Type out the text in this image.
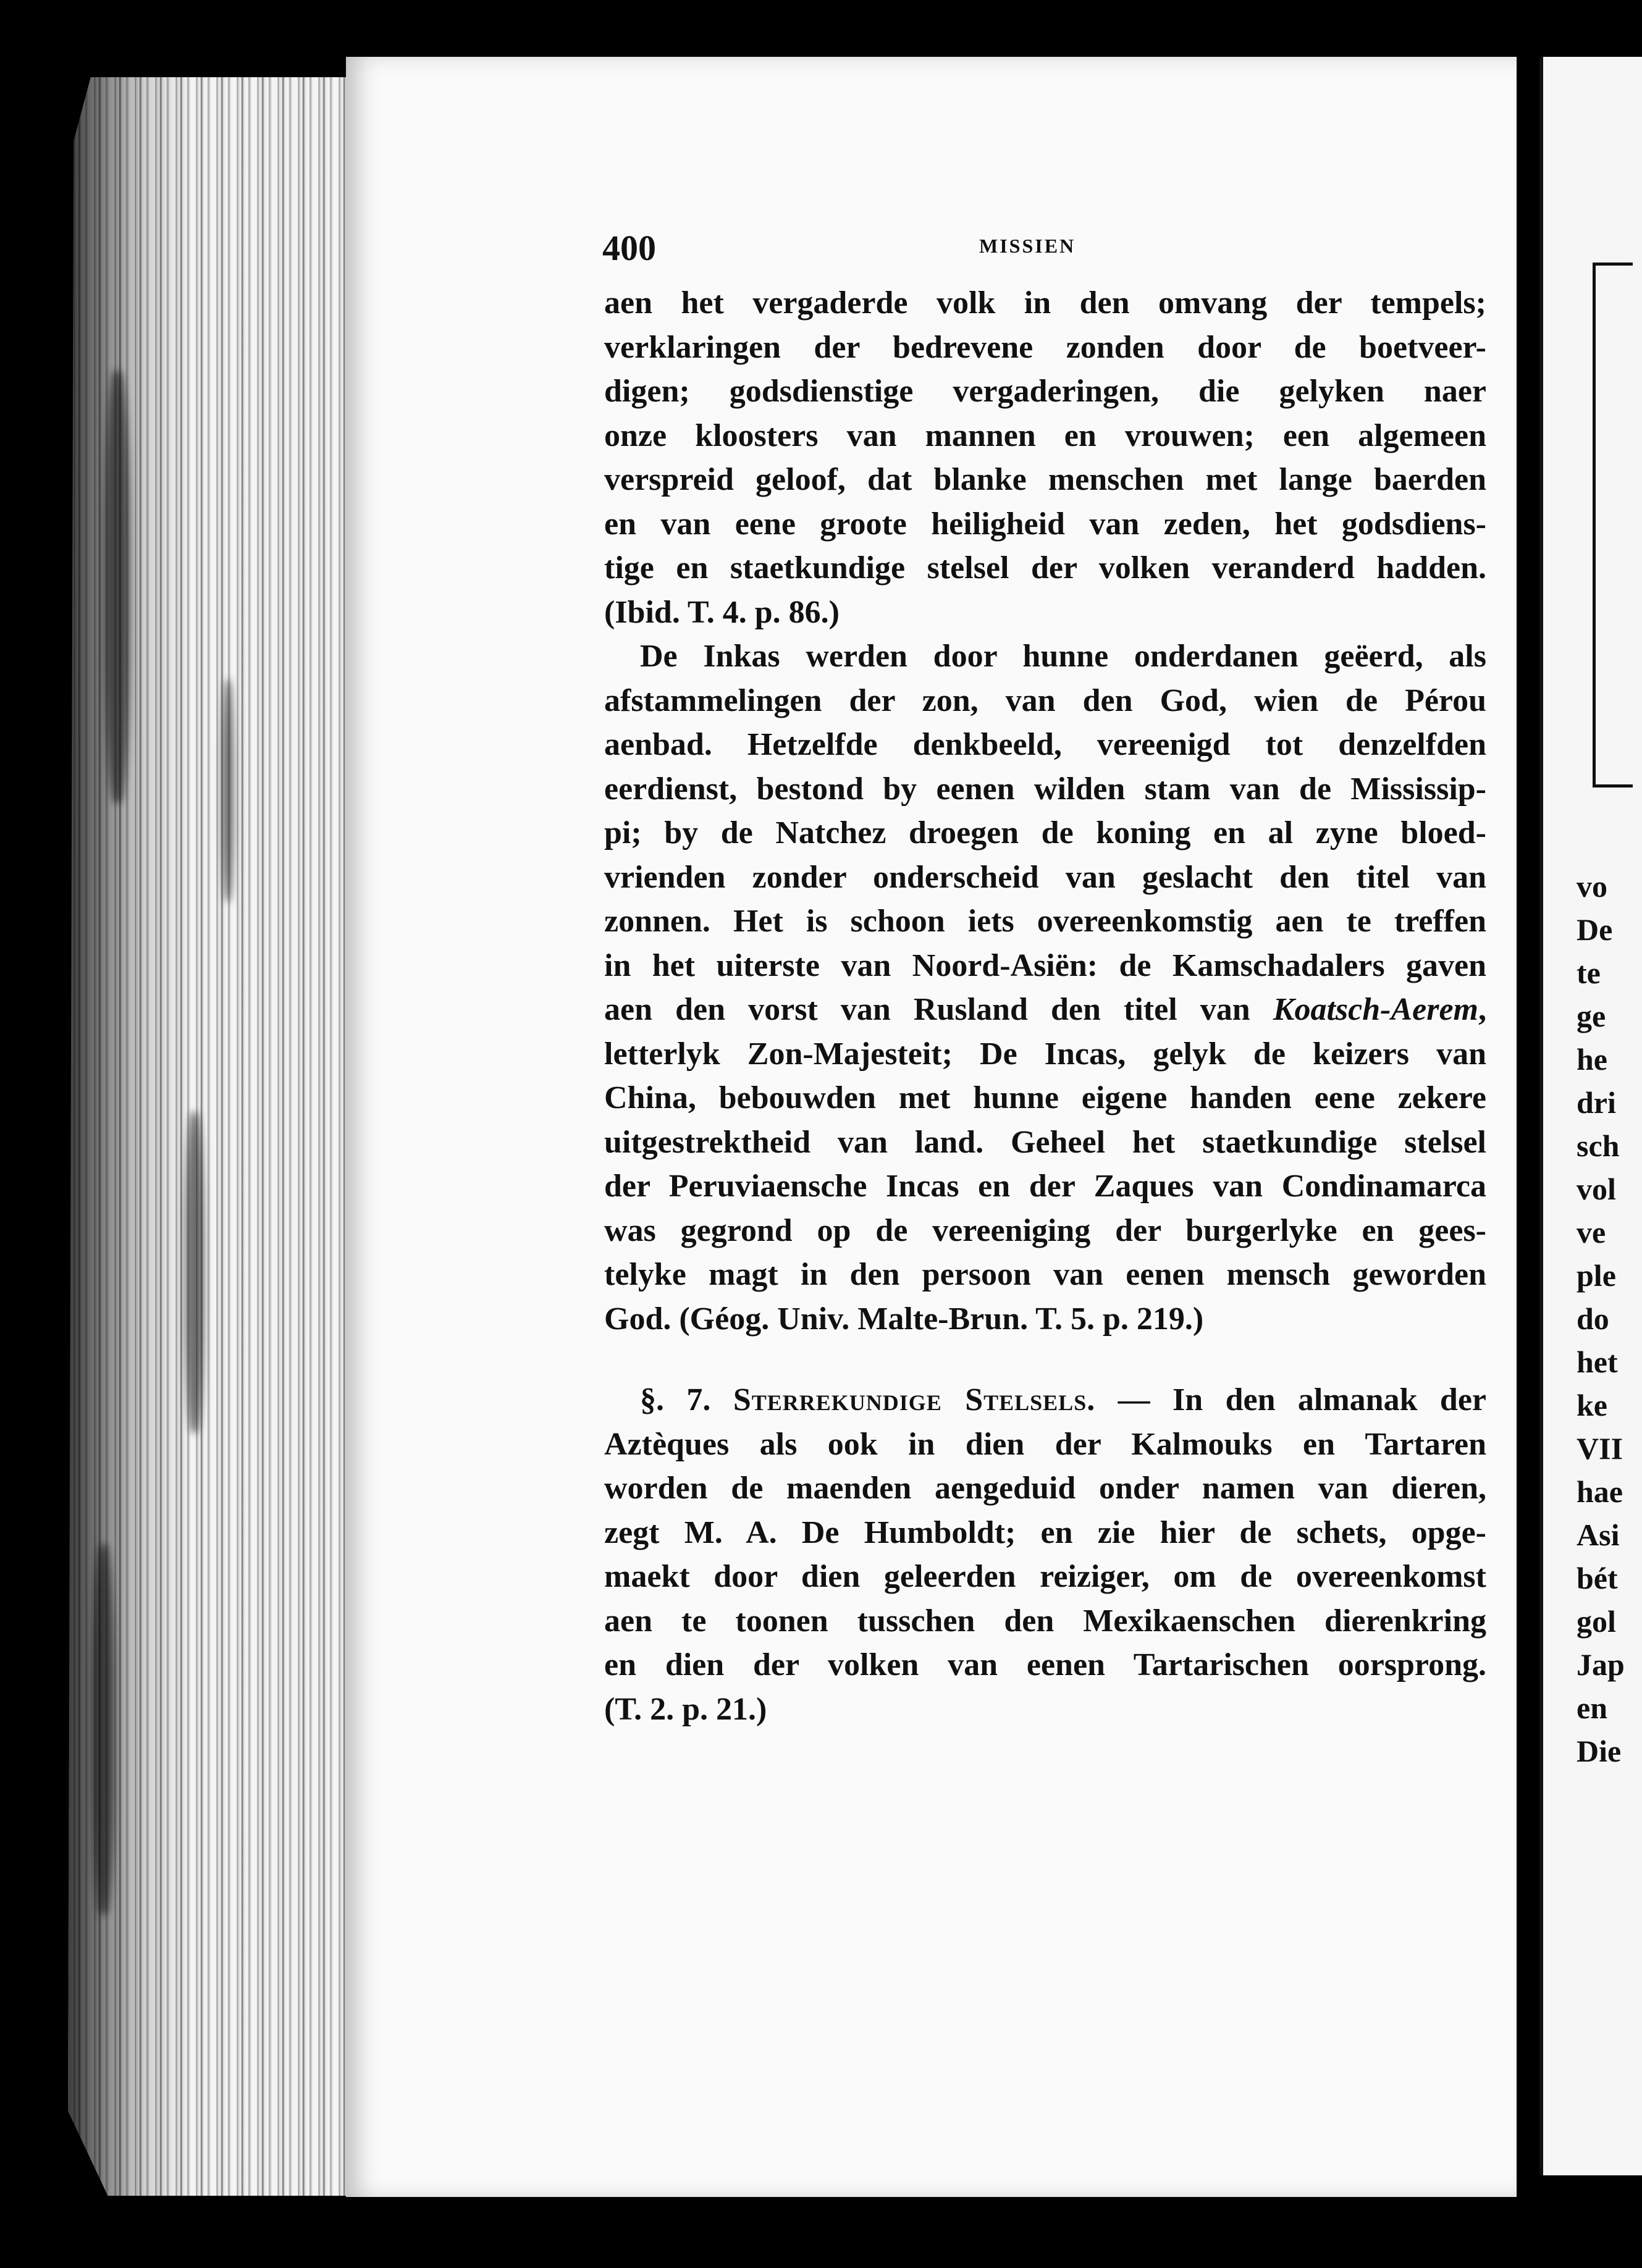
vo
De
te
ge
he
dri
sch
vol
ve
ple
do
het
ke
VII
hae
Asi
bét
gol
Jap
en
Die
400	MISSIEN
aen het vergaderde volk in den omvang der tempels;
verklaringen der bedrevene zonden door de boetveer-
digen; godsdienstige vergaderingen, die gelyken naer
onze kloosters van mannen en vrouwen; een algemeen
verspreid geloof, dat blanke menschen met lange baerden
en van eene groote heiligheid van zeden, het godsdiens-
tige en staetkundige stelsel der volken veranderd hadden.
(Ibid. T. 4. p. 86.)
De Inkas werden door hunne onderdanen geëerd, als
afstammelingen der zon, van den God, wien de Pérou
aenbad. Hetzelfde denkbeeld, vereenigd tot denzelfden
eerdienst, bestond by eenen wilden stam van de Mississip-
pi; by de Natchez droegen de koning en al zyne bloed-
vrienden zonder onderscheid van geslacht den titel van
zonnen. Het is schoon iets overeenkomstig aen te treffen
in het uiterste van Noord-Asiën: de Kamschadalers gaven
aen den vorst van Rusland den titel van Koatsch-Aerem,
letterlyk Zon-Majesteit; De Incas, gelyk de keizers van
China, bebouwden met hunne eigene handen eene zekere
uitgestrektheid van land. Geheel het staetkundige stelsel
der Peruviaensche Incas en der Zaques van Condinamarca
was gegrond op de vereeniging der burgerlyke en gees-
telyke magt in den persoon van eenen mensch geworden
God. (Géog. Univ. Malte-Brun. T. 5. p. 219.)
§. 7. Sterrekundige Stelsels. — In den almanak der
Aztèques als ook in dien der Kalmouks en Tartaren
worden de maenden aengeduid onder namen van dieren,
zegt M. A. De Humboldt; en zie hier de schets, opge-
maekt door dien geleerden reiziger, om de overeenkomst
aen te toonen tusschen den Mexikaenschen dierenkring
en dien der volken van eenen Tartarischen oorsprong.
(T. 2. p. 21.)
